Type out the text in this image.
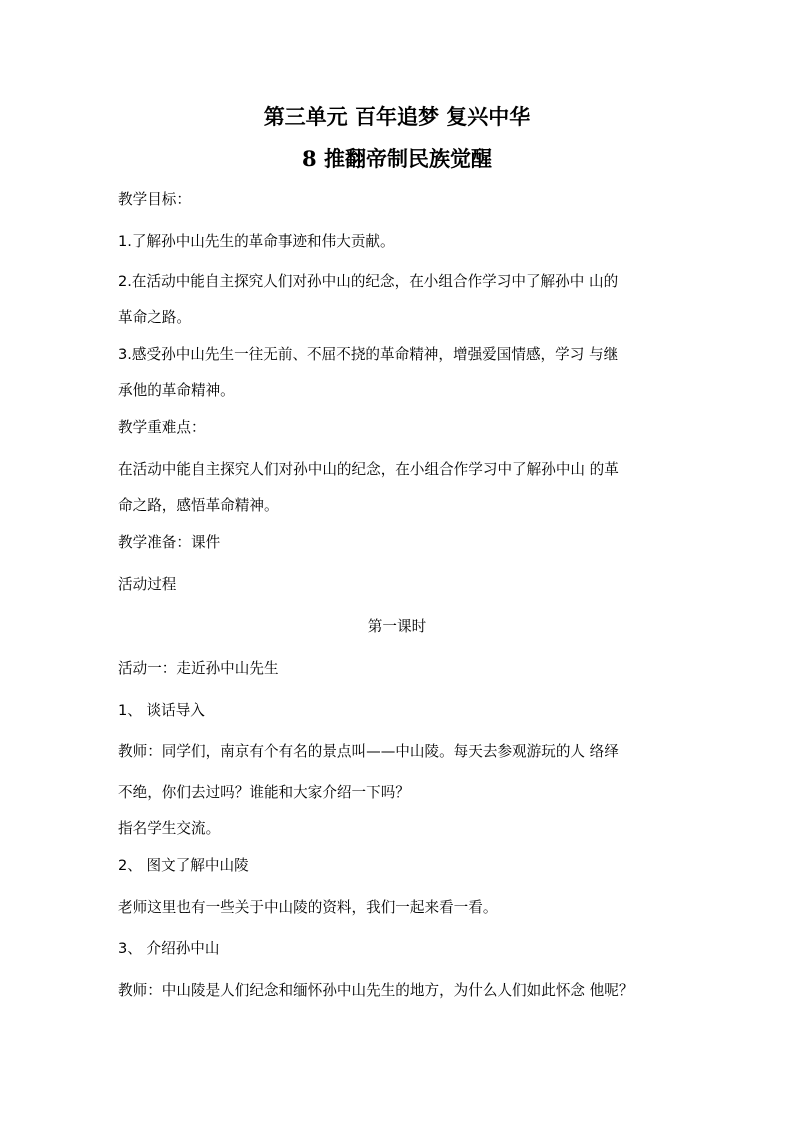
第三单元 百年追梦 复兴中华
8 推翻帝制民族觉醒
教学目标：
1.了解孙中山先生的革命事迹和伟大贡献。
2.在活动中能自主探究人们对孙中山的纪念，在小组合作学习中了解孙中 山的
革命之路。
3.感受孙中山先生一往无前、不屈不挠的革命精神，增强爱国情感，学习 与继
承他的革命精神。
教学重难点：
在活动中能自主探究人们对孙中山的纪念，在小组合作学习中了解孙中山 的革
命之路，感悟革命精神。
教学准备：课件
活动过程
第一课时
活动一：走近孙中山先生
1、 谈话导入
教师：同学们，南京有个有名的景点叫——中山陵。每天去参观游玩的人 络绎
不绝，你们去过吗？谁能和大家介绍一下吗？
指名学生交流。
2、 图文了解中山陵
老师这里也有一些关于中山陵的资料，我们一起来看一看。
3、 介绍孙中山
教师：中山陵是人们纪念和缅怀孙中山先生的地方，为什么人们如此怀念 他呢？
